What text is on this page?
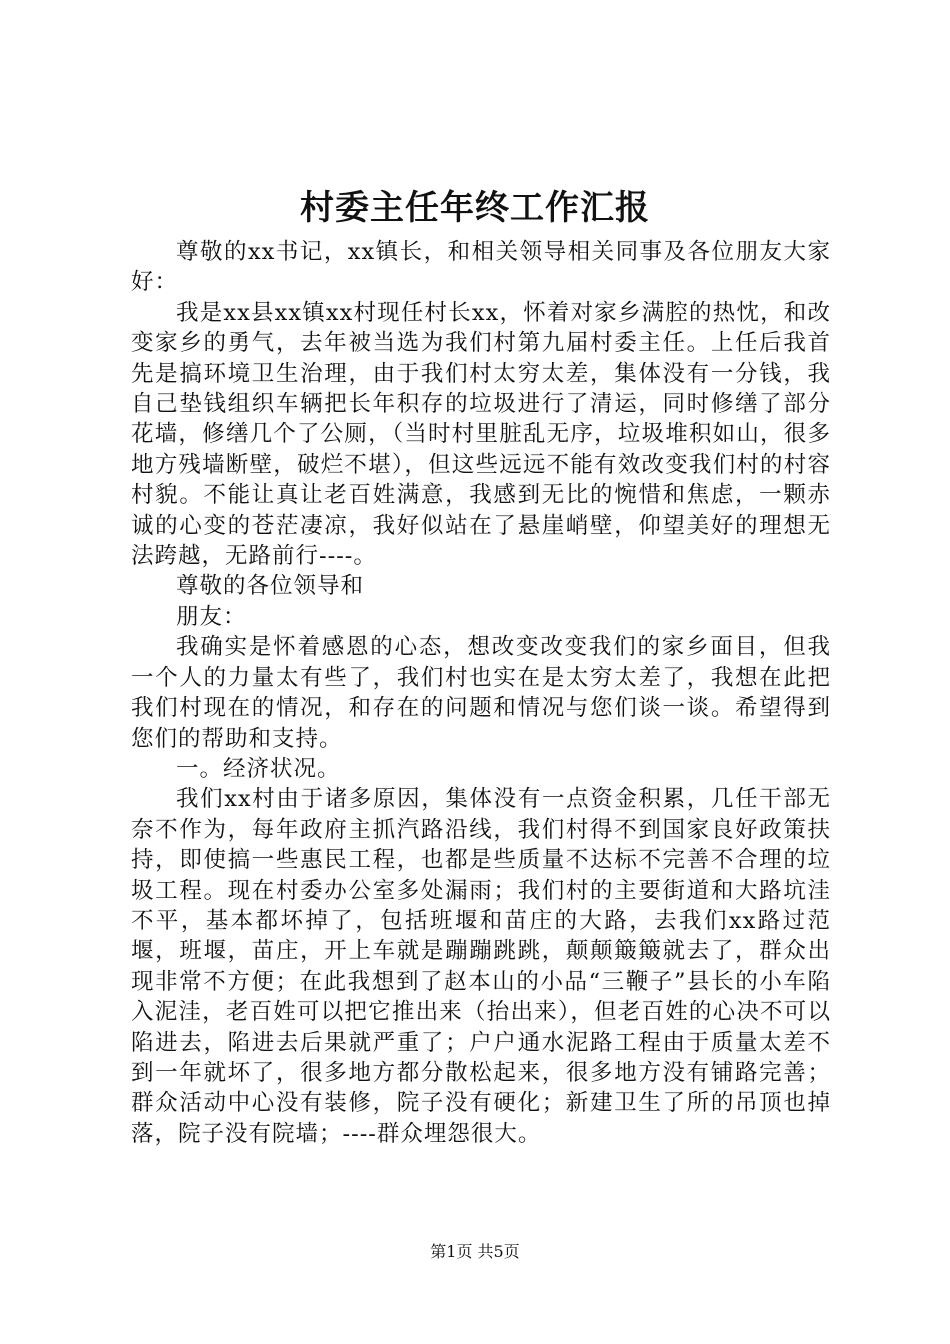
村委主任年终工作汇报

尊敬的xx书记，xx镇长，和相关领导相关同事及各位朋友大家好：

我是xx县xx镇xx村现任村长xx，怀着对家乡满腔的热忱，和改变家乡的勇气，去年被当选为我们村第九届村委主任。上任后我首先是搞环境卫生治理，由于我们村太穷太差，集体没有一分钱，我自己垫钱组织车辆把长年积存的垃圾进行了清运，同时修缮了部分花墙，修缮几个了公厕，（当时村里脏乱无序，垃圾堆积如山，很多地方残墙断壁，破烂不堪），但这些远远不能有效改变我们村的村容村貌。不能让真让老百姓满意，我感到无比的惋惜和焦虑，一颗赤诚的心变的苍茫凄凉，我好似站在了悬崖峭壁，仰望美好的理想无法跨越，无路前行----。

尊敬的各位领导和

朋友：

我确实是怀着感恩的心态，想改变改变我们的家乡面目，但我一个人的力量太有些了，我们村也实在是太穷太差了，我想在此把我们村现在的情况，和存在的问题和情况与您们谈一谈。希望得到您们的帮助和支持。

一。经济状况。

我们xx村由于诸多原因，集体没有一点资金积累，几任干部无奈不作为，每年政府主抓汽路沿线，我们村得不到国家良好政策扶持，即使搞一些惠民工程，也都是些质量不达标不完善不合理的垃圾工程。现在村委办公室多处漏雨；我们村的主要街道和大路坑洼不平，基本都坏掉了，包括班堰和苗庄的大路，去我们xx路过范堰，班堰，苗庄，开上车就是蹦蹦跳跳，颠颠簸簸就去了，群众出现非常不方便；在此我想到了赵本山的小品“三鞭子”县长的小车陷入泥洼，老百姓可以把它推出来（抬出来），但老百姓的心决不可以陷进去，陷进去后果就严重了；户户通水泥路工程由于质量太差不到一年就坏了，很多地方都分散松起来，很多地方没有铺路完善；群众活动中心没有装修，院子没有硬化；新建卫生了所的吊顶也掉落，院子没有院墙；----群众埋怨很大。

第1页 共5页
